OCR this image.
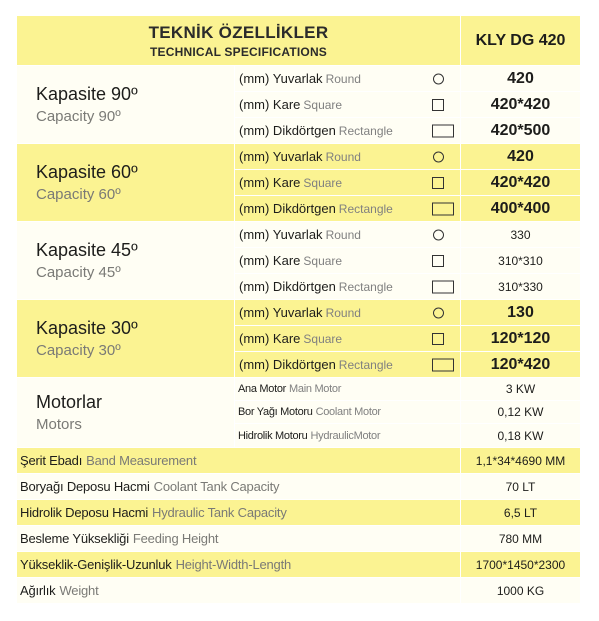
TEKNİK ÖZELLİKLER
TECHNICAL SPECIFICATIONS
KLY DG 420
Kapasite 90º
Capacity 90º
(mm) Yuvarlak Round	420
(mm) Kare Square	420*420
(mm) Dikdörtgen Rectangle	420*500
Kapasite 60º
Capacity 60º
(mm) Yuvarlak Round	420
(mm) Kare Square	420*420
(mm) Dikdörtgen Rectangle	400*400
Kapasite 45º
Capacity 45º
(mm) Yuvarlak Round	330
(mm) Kare Square	310*310
(mm) Dikdörtgen Rectangle	310*330
Kapasite 30º
Capacity 30º
(mm) Yuvarlak Round	130
(mm) Kare Square	120*120
(mm) Dikdörtgen Rectangle	120*420
Motorlar
Motors
Ana Motor Main Motor	3 KW
Bor Yağı Motoru Coolant Motor	0,12 KW
Hidrolik Motoru HydraulicMotor	0,18 KW
Şerit Ebadı Band Measurement	1,1*34*4690 MM
Boryağı Deposu Hacmi Coolant Tank Capacity	70 LT
Hidrolik Deposu Hacmi Hydraulic Tank Capacity	6,5 LT
Besleme Yüksekliği Feeding Height	780 MM
Yükseklik-Genişlik-Uzunluk Height-Width-Length	1700*1450*2300
Ağırlık Weight	1000 KG
